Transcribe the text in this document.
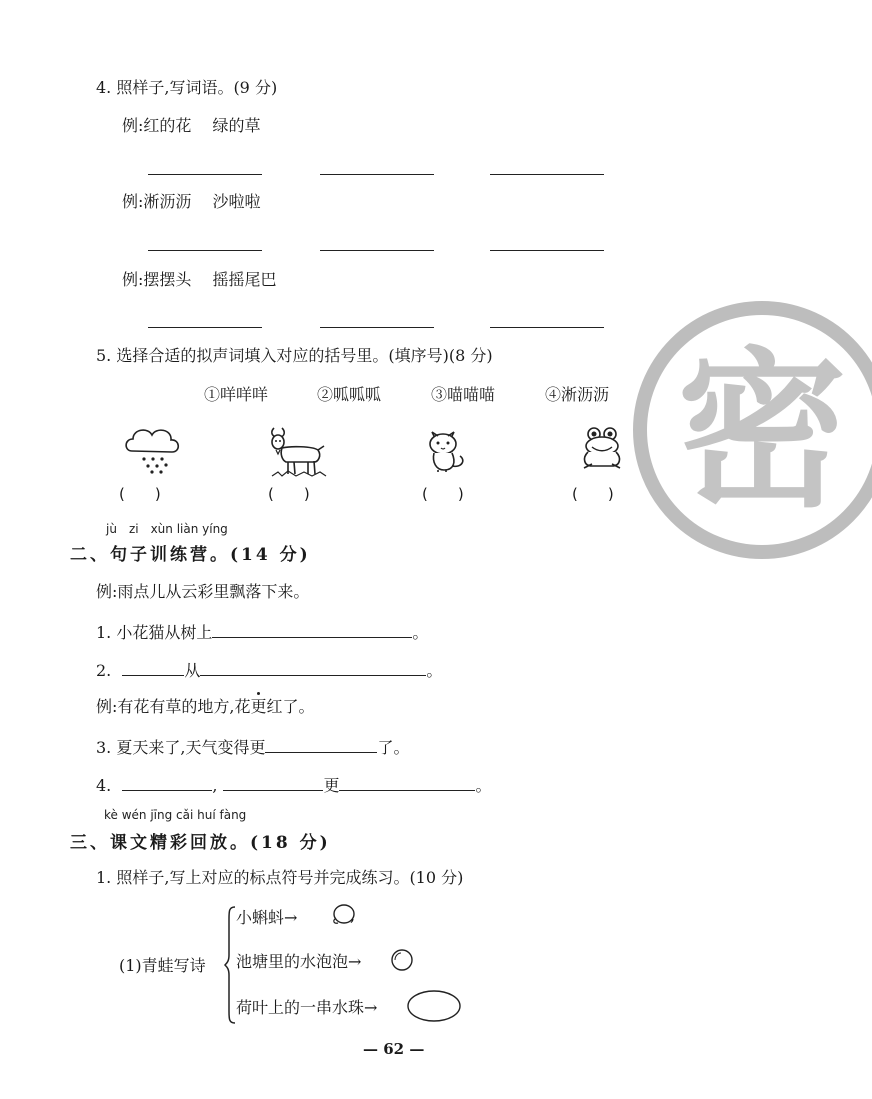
密
4. 照样子,写词语。(9 分)
例:红的花　 绿的草
例:淅沥沥　 沙啦啦
例:摆摆头　 摇摇尾巴
5. 选择合适的拟声词填入对应的括号里。(填序号)(8 分)
①咩咩咩	②呱呱呱	③喵喵喵	④淅沥沥
(　　)	(　　)	(　　)	(　　)
jù　zi　xùn liàn yíng
二、句子训练营。(14 分)
例:雨点儿从云彩里飘落下来。
1. 小花猫从树上	。
2.	从	。
例:有花有草的地方,花更红了。
3. 夏天来了,天气变得更	了。
4.	,	更	。
kè wén jīng cǎi huí fàng
三、课文精彩回放。(18 分)
1. 照样子,写上对应的标点符号并完成练习。(10 分)
(1)青蛙写诗
小蝌蚪→	,
池塘里的水泡泡→
荷叶上的一串水珠→
— 62 —
